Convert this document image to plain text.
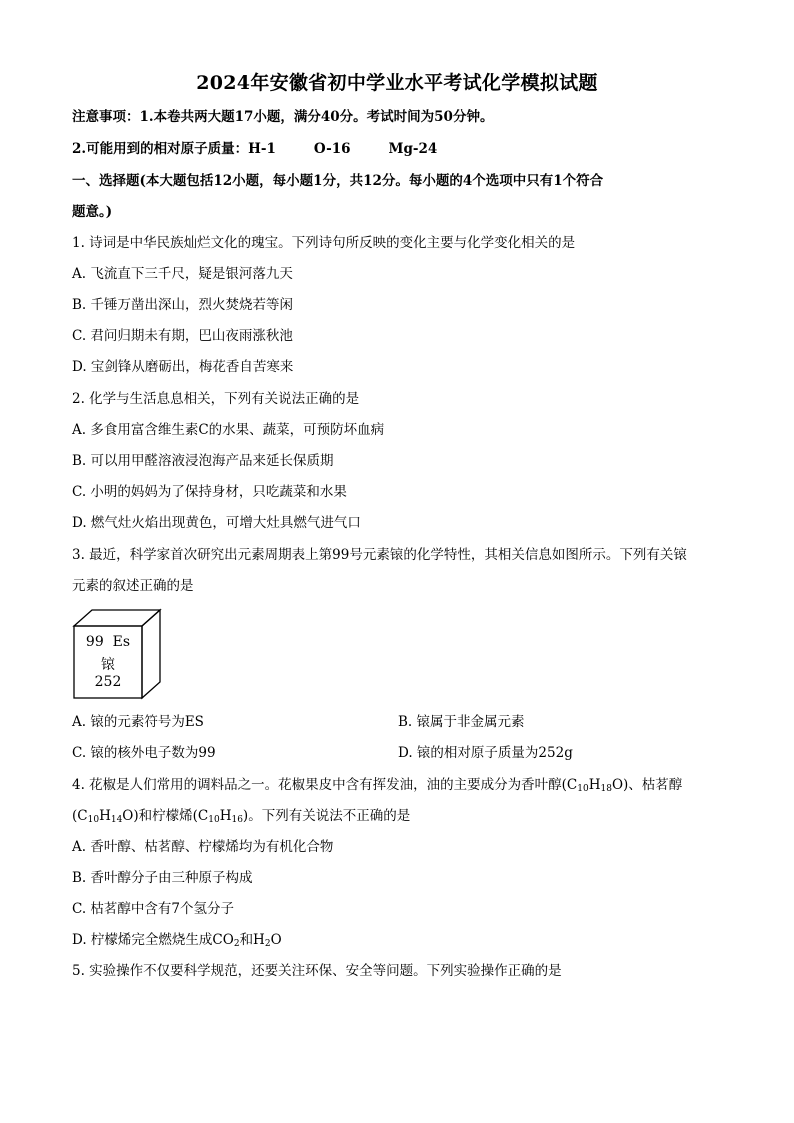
2024年安徽省初中学业水平考试化学模拟试题
注意事项：1.本卷共两大题17小题，满分40分。考试时间为50分钟。
2.可能用到的相对原子质量：H-1	O-16	Mg-24
一、选择题(本大题包括12小题，每小题1分，共12分。每小题的4个选项中只有1个符合
题意。)
1. 诗词是中华民族灿烂文化的瑰宝。下列诗句所反映的变化主要与化学变化相关的是
A. 飞流直下三千尺，疑是银河落九天
B. 千锤万凿出深山，烈火焚烧若等闲
C. 君问归期未有期，巴山夜雨涨秋池
D. 宝剑锋从磨砺出，梅花香自苦寒来
2. 化学与生活息息相关，下列有关说法正确的是
A. 多食用富含维生素C的水果、蔬菜，可预防坏血病
B. 可以用甲醛溶液浸泡海产品来延长保质期
C. 小明的妈妈为了保持身材，只吃蔬菜和水果
D. 燃气灶火焰出现黄色，可增大灶具燃气进气口
3. 最近，科学家首次研究出元素周期表上第99号元素锿的化学特性，其相关信息如图所示。下列有关锿
元素的叙述正确的是
99 Es
锿
252
A. 锿的元素符号为ES	B. 锿属于非金属元素
C. 锿的核外电子数为99	D. 锿的相对原子质量为252g
4. 花椒是人们常用的调料品之一。花椒果皮中含有挥发油，油的主要成分为香叶醇$(C_{10}H_{18}O)$、枯茗醇
$(C_{10}H_{14}O)$和柠檬烯$(C_{10}H_{16})$。下列有关说法不正确的是
A. 香叶醇、枯茗醇、柠檬烯均为有机化合物
B. 香叶醇分子由三种原子构成
C. 枯茗醇中含有7个氢分子
D. 柠檬烯完全燃烧生成$CO_2$和$H_2O$
5. 实验操作不仅要科学规范，还要关注环保、安全等问题。下列实验操作正确的是
